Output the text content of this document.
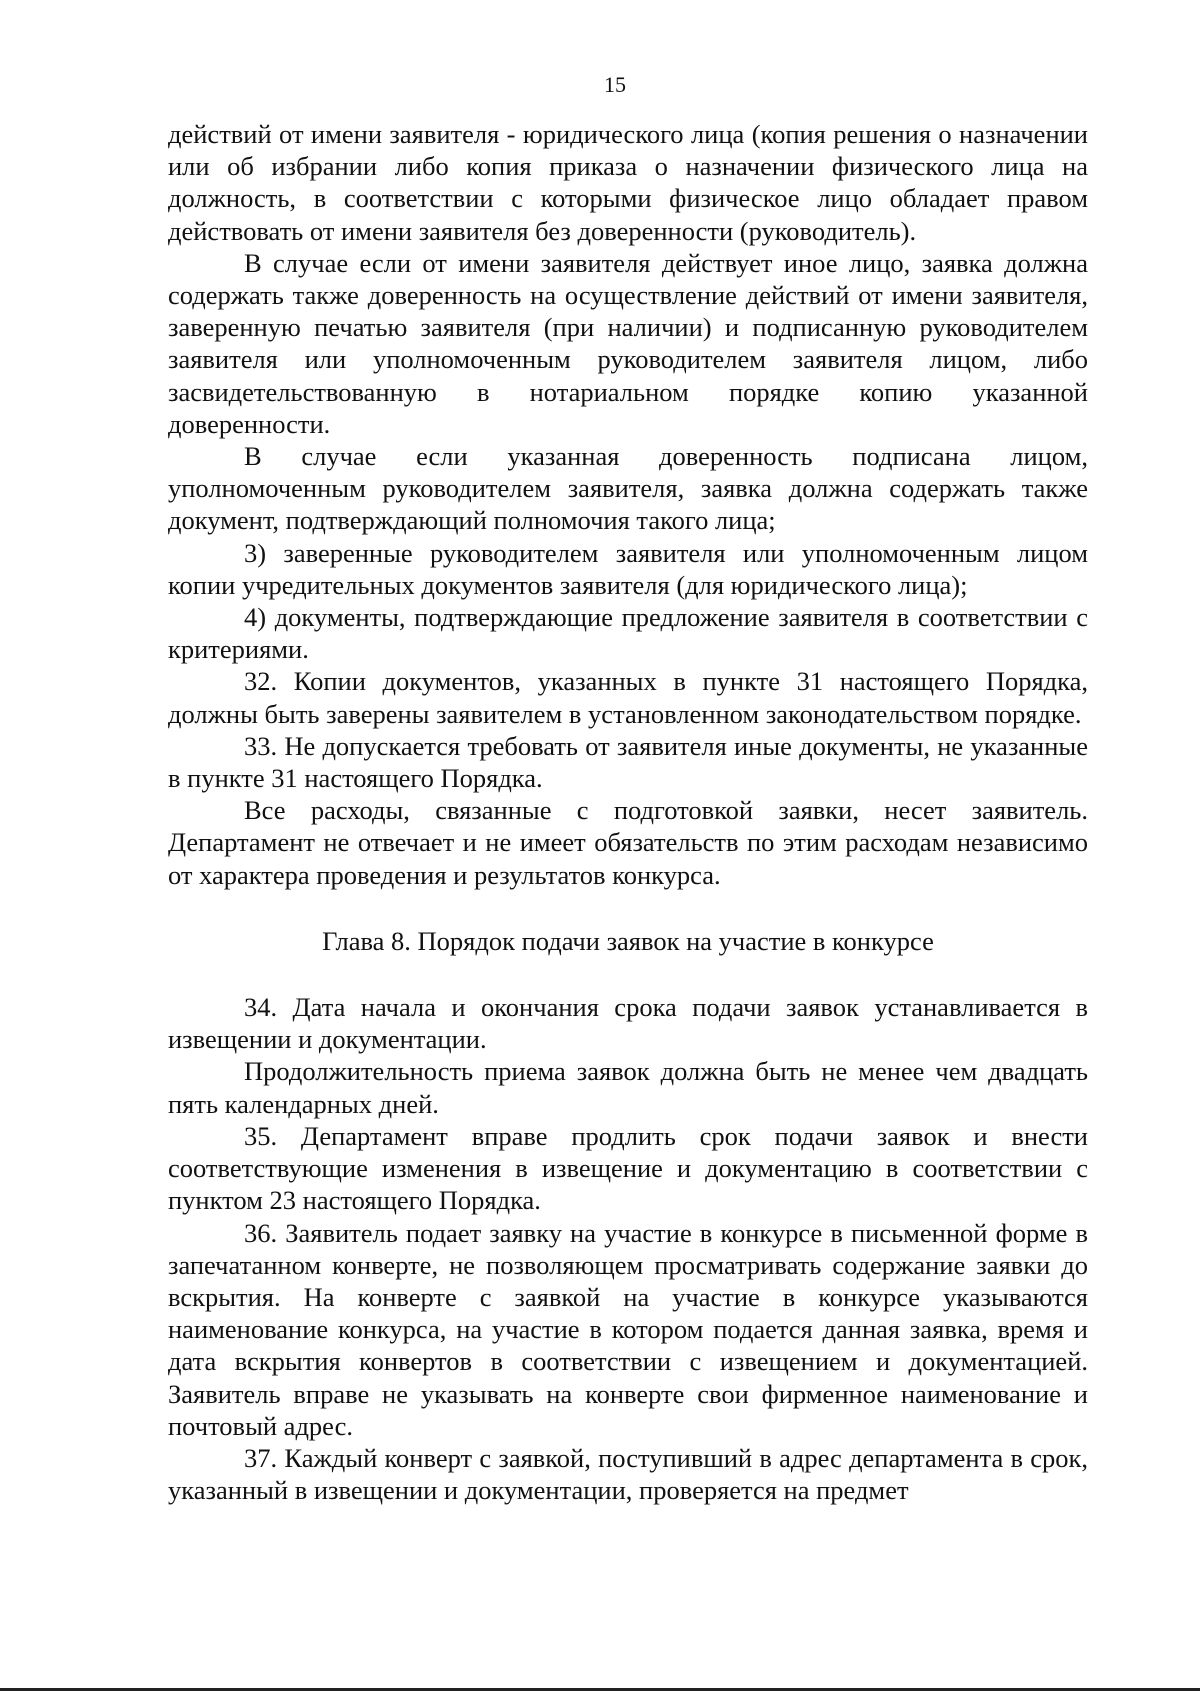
15

действий от имени заявителя - юридического лица (копия решения о назначении или об избрании либо копия приказа о назначении физического лица на должность, в соответствии с которыми физическое лицо обладает правом действовать от имени заявителя без доверенности (руководитель).

В случае если от имени заявителя действует иное лицо, заявка должна содержать также доверенность на осуществление действий от имени заявителя, заверенную печатью заявителя (при наличии) и подписанную руководителем заявителя или уполномоченным руководителем заявителя лицом, либо засвидетельствованную в нотариальном порядке копию указанной доверенности.

В случае если указанная доверенность подписана лицом, уполномоченным руководителем заявителя, заявка должна содержать также документ, подтверждающий полномочия такого лица;

3) заверенные руководителем заявителя или уполномоченным лицом копии учредительных документов заявителя (для юридического лица);

4) документы, подтверждающие предложение заявителя в соответствии с критериями.

32. Копии документов, указанных в пункте 31 настоящего Порядка, должны быть заверены заявителем в установленном законодательством порядке.

33. Не допускается требовать от заявителя иные документы, не указанные в пункте 31 настоящего Порядка.

Все расходы, связанные с подготовкой заявки, несет заявитель. Департамент не отвечает и не имеет обязательств по этим расходам независимо от характера проведения и результатов конкурса.

Глава 8. Порядок подачи заявок на участие в конкурсе

34. Дата начала и окончания срока подачи заявок устанавливается в извещении и документации.

Продолжительность приема заявок должна быть не менее чем двадцать пять календарных дней.

35. Департамент вправе продлить срок подачи заявок и внести соответствующие изменения в извещение и документацию в соответствии с пунктом 23 настоящего Порядка.

36. Заявитель подает заявку на участие в конкурсе в письменной форме в запечатанном конверте, не позволяющем просматривать содержание заявки до вскрытия. На конверте с заявкой на участие в конкурсе указываются наименование конкурса, на участие в котором подается данная заявка, время и дата вскрытия конвертов в соответствии с извещением и документацией. Заявитель вправе не указывать на конверте свои фирменное наименование и почтовый адрес.

37. Каждый конверт с заявкой, поступивший в адрес департамента в срок, указанный в извещении и документации, проверяется на предмет
